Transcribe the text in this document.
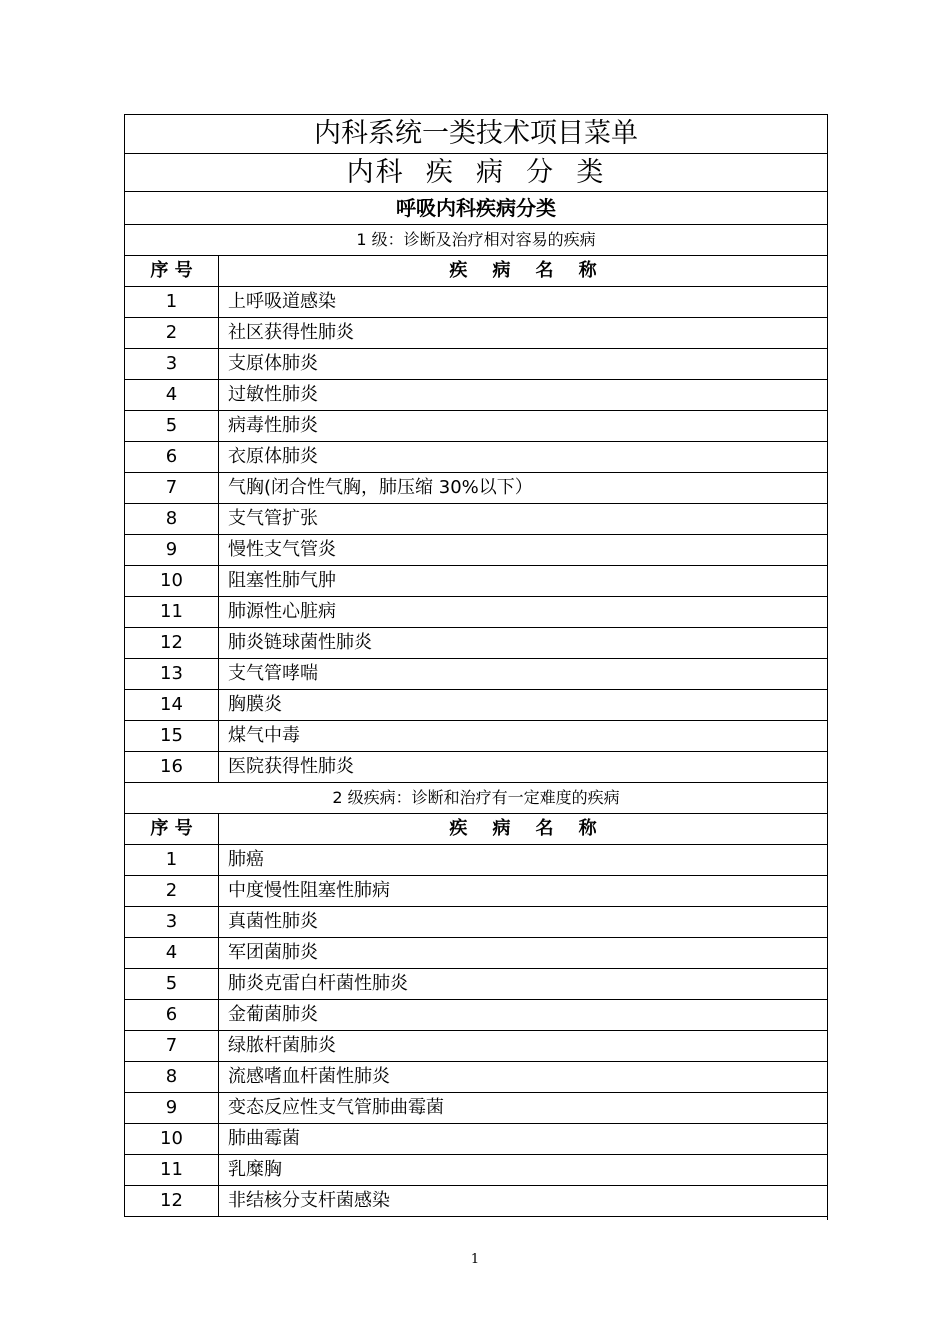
内科系统一类技术项目菜单	
内科  疾  病  分  类	
呼吸内科疾病分类	
1 级：诊断及治疗相对容易的疾病	
序 号	疾    病    名    称
1	上呼吸道感染
2	社区获得性肺炎
3	支原体肺炎
4	过敏性肺炎
5	病毒性肺炎
6	衣原体肺炎
7	气胸(闭合性气胸，肺压缩 30%以下）
8	支气管扩张
9	慢性支气管炎
10	阻塞性肺气肿
11	肺源性心脏病
12	肺炎链球菌性肺炎
13	支气管哮喘
14	胸膜炎
15	煤气中毒
16	医院获得性肺炎
2 级疾病：诊断和治疗有一定难度的疾病	
序 号	疾    病    名    称
1	肺癌
2	中度慢性阻塞性肺病
3	真菌性肺炎
4	军团菌肺炎
5	肺炎克雷白杆菌性肺炎
6	金葡菌肺炎
7	绿脓杆菌肺炎
8	流感嗜血杆菌性肺炎
9	变态反应性支气管肺曲霉菌
10	肺曲霉菌
11	乳糜胸
12	非结核分支杆菌感染
1
